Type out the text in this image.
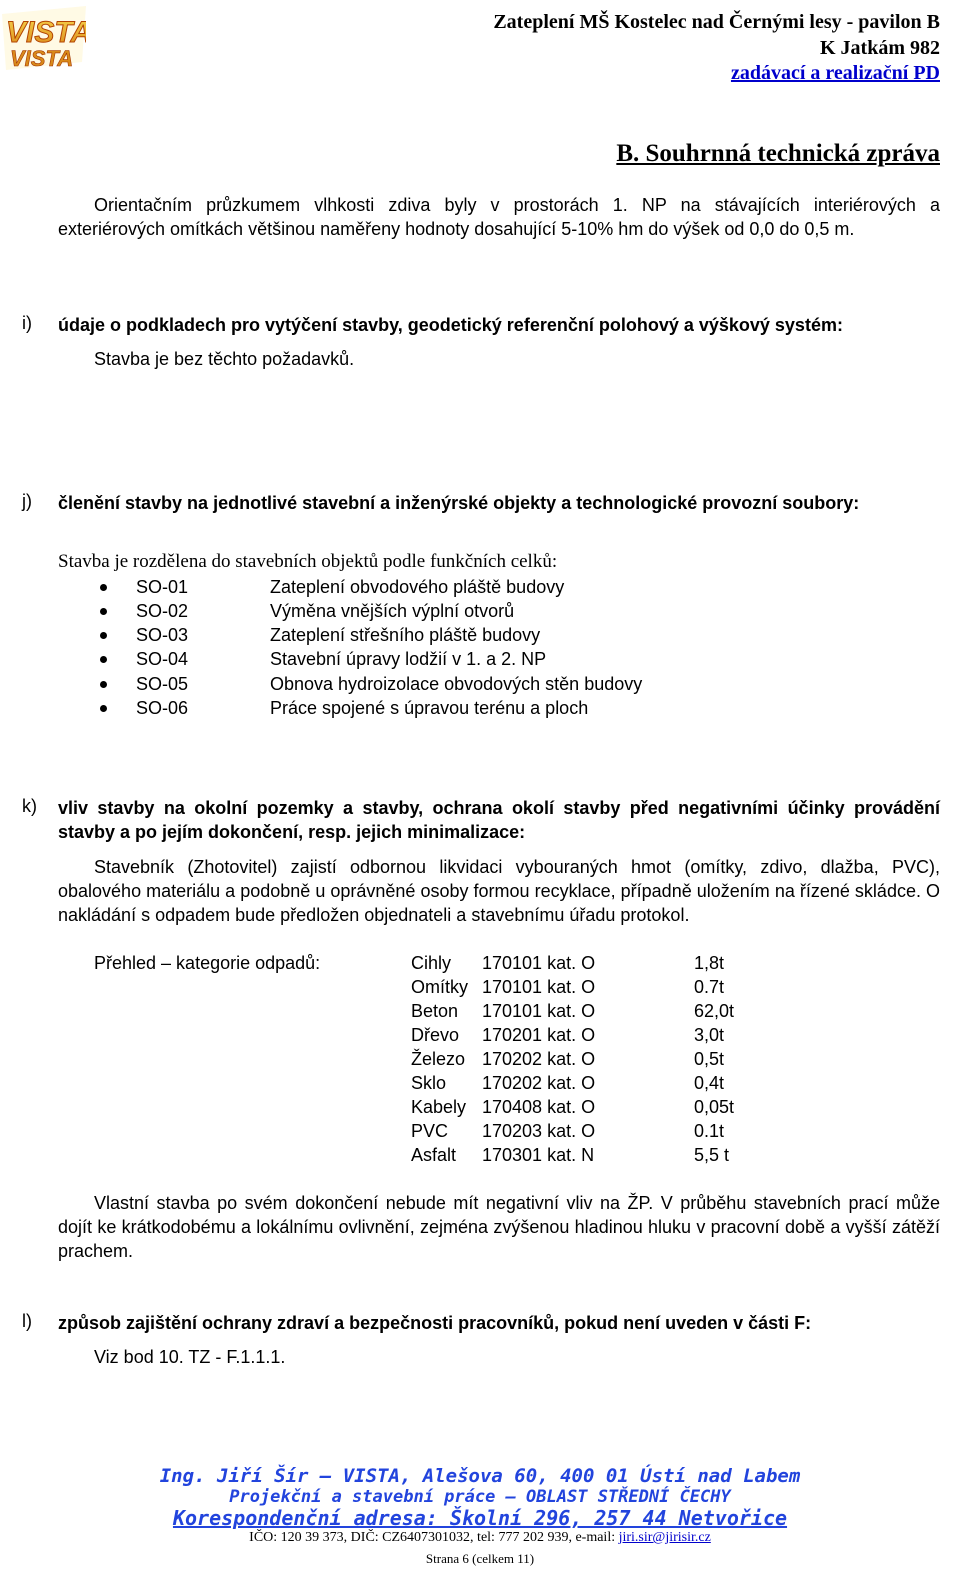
VISTA
VISTA
Zateplení MŠ Kostelec nad Černými lesy - pavilon B
K Jatkám 982
zadávací a realizační PD
B. Souhrnná technická zpráva
Orientačním průzkumem vlhkosti zdiva byly v prostorách 1. NP na stávajících interiérových a exteriérových omítkách většinou naměřeny hodnoty dosahující 5-10% hm do výšek od 0,0 do 0,5 m.
i) údaje o podkladech pro vytýčení stavby, geodetický referenční polohový a výškový systém:
Stavba je bez těchto požadavků.
j) členění stavby na jednotlivé stavební a inženýrské objekty a technologické provozní soubory:
Stavba je rozdělena do stavebních objektů podle funkčních celků:
SO-01	Zateplení obvodového pláště budovy
SO-02	Výměna vnějších výplní otvorů
SO-03	Zateplení střešního pláště budovy
SO-04	Stavební úpravy lodžií v 1. a 2. NP
SO-05	Obnova hydroizolace obvodových stěn budovy
SO-06	Práce spojené s úpravou terénu a ploch
k) vliv stavby na okolní pozemky a stavby, ochrana okolí stavby před negativními účinky provádění stavby a po jejím dokončení, resp. jejich minimalizace:
Stavebník (Zhotovitel) zajistí odbornou likvidaci vybouraných hmot (omítky, zdivo, dlažba, PVC), obalového materiálu a podobně u oprávněné osoby formou recyklace, případně uložením na řízené skládce. O nakládání s odpadem bude předložen objednateli a stavebnímu úřadu protokol.
Přehled – kategorie odpadů:	Cihly 170101 kat. O	1,8t
Omítky 170101 kat. O	0.7t
Beton 170101 kat. O	62,0t
Dřevo 170201 kat. O	3,0t
Železo 170202 kat. O	0,5t
Sklo 170202 kat. O	0,4t
Kabely 170408 kat. O	0,05t
PVC 170203 kat. O	0.1t
Asfalt 170301 kat. N	5,5 t
Vlastní stavba po svém dokončení nebude mít negativní vliv na ŽP. V průběhu stavebních prací může dojít ke krátkodobému a lokálnímu ovlivnění, zejména zvýšenou hladinou hluku v pracovní době a vyšší zátěží prachem.
l) způsob zajištění ochrany zdraví a bezpečnosti pracovníků, pokud není uveden v části F:
Viz bod 10. TZ - F.1.1.1.
Ing. Jiří Šír – VISTA, Alešova 60, 400 01 Ústí nad Labem
Projekční a stavební práce – OBLAST STŘEDNÍ ČECHY
Korespondenční adresa: Školní 296, 257 44 Netvořice
IČO: 120 39 373, DIČ: CZ6407301032, tel: 777 202 939, e-mail: jiri.sir@jirisir.cz
Strana 6 (celkem 11)
